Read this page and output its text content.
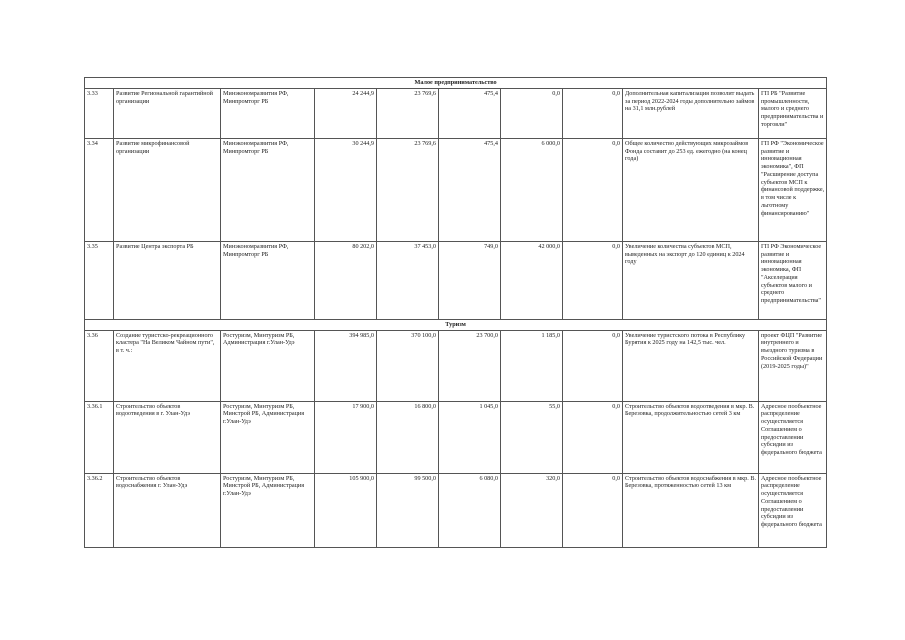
Малое предпринимательство									
3.33	Развитие Региональной гарантийной организации	Минэкономразвития РФ, Минпромторг РБ	24 244,9	23 769,6	475,4	0,0	0,0	Дополнительная капитализация позволит выдать за период 2022-2024 годы дополнительно займов на 31,1 млн.рублей	ГП РБ "Развитие промышленности, малого и среднего предпринимательства и торговли"
3.34	Развитие микрофинансовой организации	Минэкономразвития РФ, Минпромторг РБ	30 244,9	23 769,6	475,4	6 000,0	0,0	Общее количество действующих микрозаймов Фонда составит до 253 ед. ежегодно (на конец года)	ГП РФ "Экономическое развитие и инновационная экономика", ФП "Расширение доступа субъектов МСП к финансовой поддержке, в том числе к льготному финансированию"
3.35	Развитие Центра экспорта РБ	Минэкономразвития РФ, Минпромторг РБ	80 202,0	37 453,0	749,0	42 000,0	0,0	Увеличение количества субъектов МСП, выведенных на экспорт до 120 единиц к 2024 году	ГП РФ Экономическое развитие и инновационная экономика, ФП "Акселерация субъектов малого и среднего предпринимательства"
Туризм									
3.36	Создание туристско-рекреационного кластера "На Великом Чайном пути", в т. ч.:	Ростуризм, Минтуризм РБ, Администрация г.Улан-Удэ	394 985,0	370 100,0	23 700,0	1 185,0	0,0	Увеличение туристского потока в Республику Бурятия к 2025 году на 142,5 тыс. чел.	проект ФЦП "Развитие внутреннего и въездного туризма в Российской Федерации (2019-2025 годы)"
3.36.1	Строительство объектов водоотведения в г. Улан-Удэ	Ростуризм, Минтуризм РБ, Минстрой РБ, Администрация г.Улан-Удэ	17 900,0	16 800,0	1 045,0	55,0	0,0	Строительство объектов водоотведения в мкр. В. Березовка, продолжительностью сетей 3 км	Адресное пообъектное распределение осуществляется Соглашением о предоставлении субсидии из федерального бюджета
3.36.2	Строительство объектов водоснабжения г. Улан-Удэ	Ростуризм, Минтуризм РБ, Минстрой РБ, Администрация г.Улан-Удэ	105 900,0	99 500,0	6 080,0	320,0	0,0	Строительство объектов водоснабжения в мкр. В. Березовка, протяженностью сетей 13 км	Адресное пообъектное распределение осуществляется Соглашением о предоставлении субсидии из федерального бюджета
